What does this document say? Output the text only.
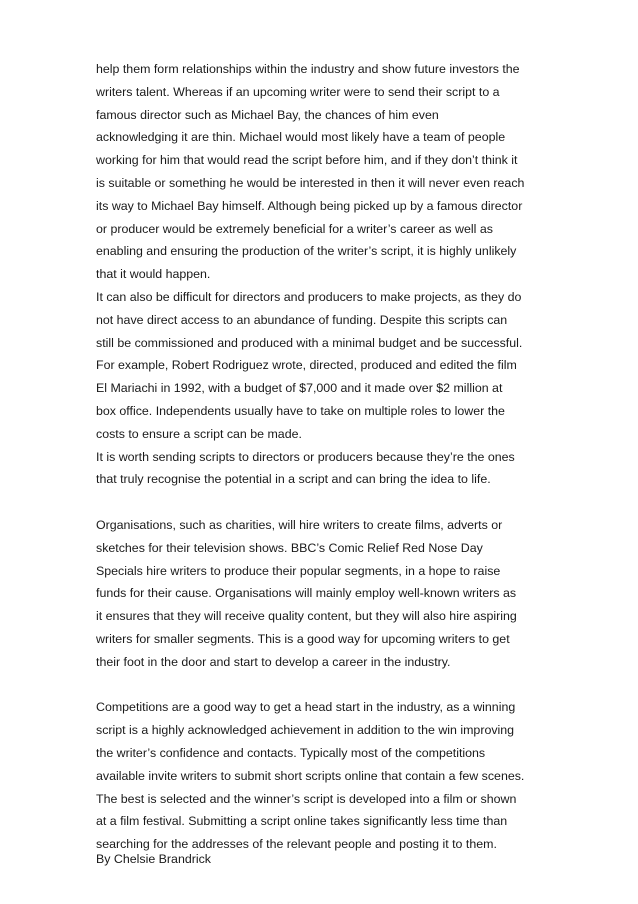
help them form relationships within the industry and show future investors the
writers talent. Whereas if an upcoming writer were to send their script to a
famous director such as Michael Bay, the chances of him even
acknowledging it are thin. Michael would most likely have a team of people
working for him that would read the script before him, and if they don’t think it
is suitable or something he would be interested in then it will never even reach
its way to Michael Bay himself. Although being picked up by a famous director
or producer would be extremely beneficial for a writer’s career as well as
enabling and ensuring the production of the writer’s script, it is highly unlikely
that it would happen.
It can also be difficult for directors and producers to make projects, as they do
not have direct access to an abundance of funding. Despite this scripts can
still be commissioned and produced with a minimal budget and be successful.
For example, Robert Rodriguez wrote, directed, produced and edited the film
El Mariachi in 1992, with a budget of $7,000 and it made over $2 million at
box office. Independents usually have to take on multiple roles to lower the
costs to ensure a script can be made.
It is worth sending scripts to directors or producers because they’re the ones
that truly recognise the potential in a script and can bring the idea to life.
Organisations, such as charities, will hire writers to create films, adverts or
sketches for their television shows. BBC’s Comic Relief Red Nose Day
Specials hire writers to produce their popular segments, in a hope to raise
funds for their cause. Organisations will mainly employ well-known writers as
it ensures that they will receive quality content, but they will also hire aspiring
writers for smaller segments. This is a good way for upcoming writers to get
their foot in the door and start to develop a career in the industry.
Competitions are a good way to get a head start in the industry, as a winning
script is a highly acknowledged achievement in addition to the win improving
the writer’s confidence and contacts. Typically most of the competitions
available invite writers to submit short scripts online that contain a few scenes.
The best is selected and the winner’s script is developed into a film or shown
at a film festival. Submitting a script online takes significantly less time than
searching for the addresses of the relevant people and posting it to them.
By Chelsie Brandrick
